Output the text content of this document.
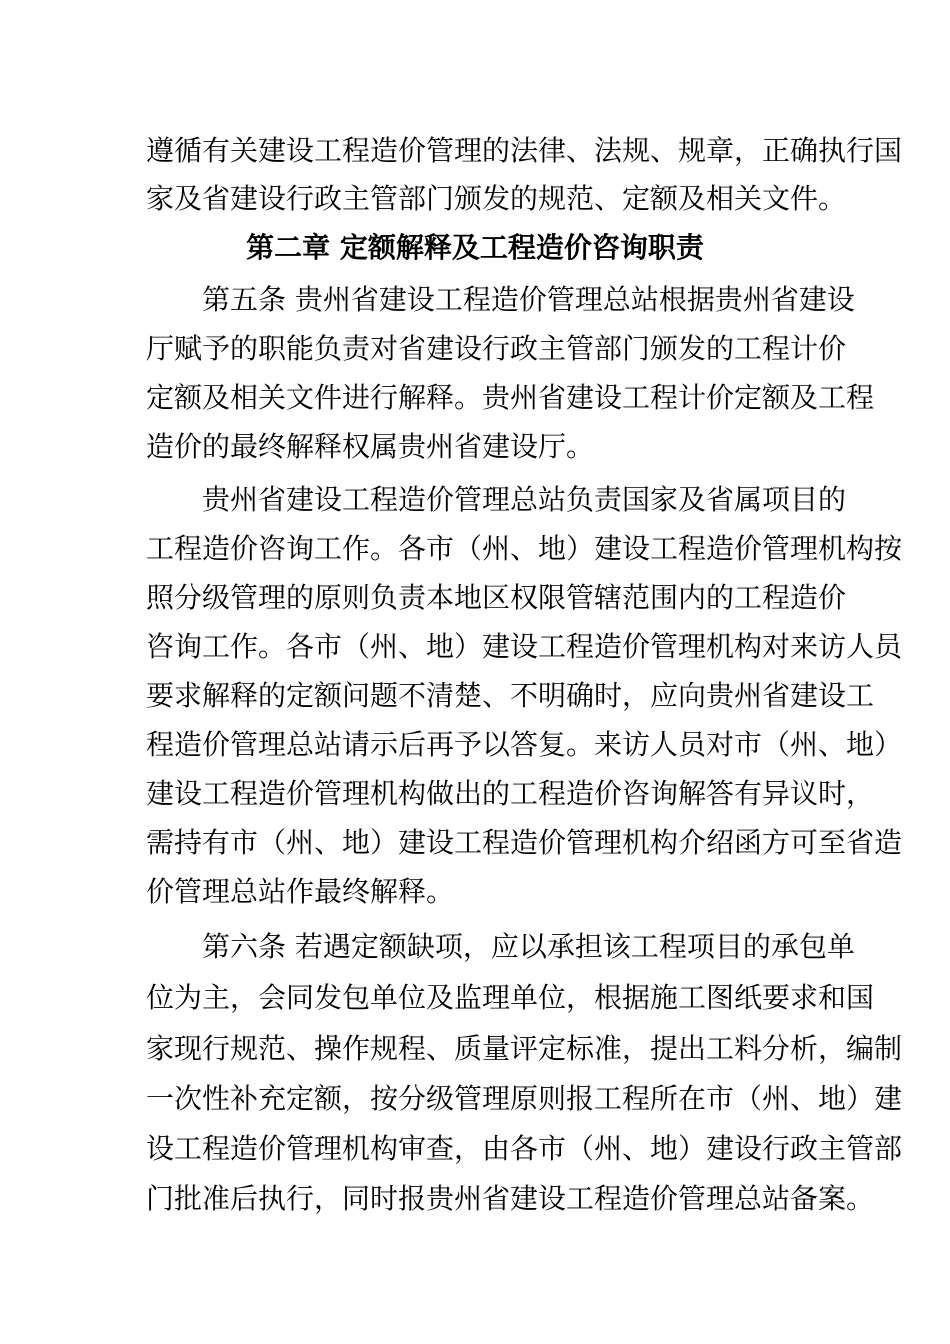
遵循有关建设工程造价管理的法律、法规、规章，正确执行国
家及省建设行政主管部门颁发的规范、定额及相关文件。
第二章 定额解释及工程造价咨询职责
第五条 贵州省建设工程造价管理总站根据贵州省建设
厅赋予的职能负责对省建设行政主管部门颁发的工程计价
定额及相关文件进行解释。贵州省建设工程计价定额及工程
造价的最终解释权属贵州省建设厅。
贵州省建设工程造价管理总站负责国家及省属项目的
工程造价咨询工作。各市（州、地）建设工程造价管理机构按
照分级管理的原则负责本地区权限管辖范围内的工程造价
咨询工作。各市（州、地）建设工程造价管理机构对来访人员
要求解释的定额问题不清楚、不明确时，应向贵州省建设工
程造价管理总站请示后再予以答复。来访人员对市（州、地）
建设工程造价管理机构做出的工程造价咨询解答有异议时，
需持有市（州、地）建设工程造价管理机构介绍函方可至省造
价管理总站作最终解释。
第六条 若遇定额缺项，应以承担该工程项目的承包单
位为主，会同发包单位及监理单位，根据施工图纸要求和国
家现行规范、操作规程、质量评定标准，提出工料分析，编制
一次性补充定额，按分级管理原则报工程所在市（州、地）建
设工程造价管理机构审查，由各市（州、地）建设行政主管部
门批准后执行，同时报贵州省建设工程造价管理总站备案。
